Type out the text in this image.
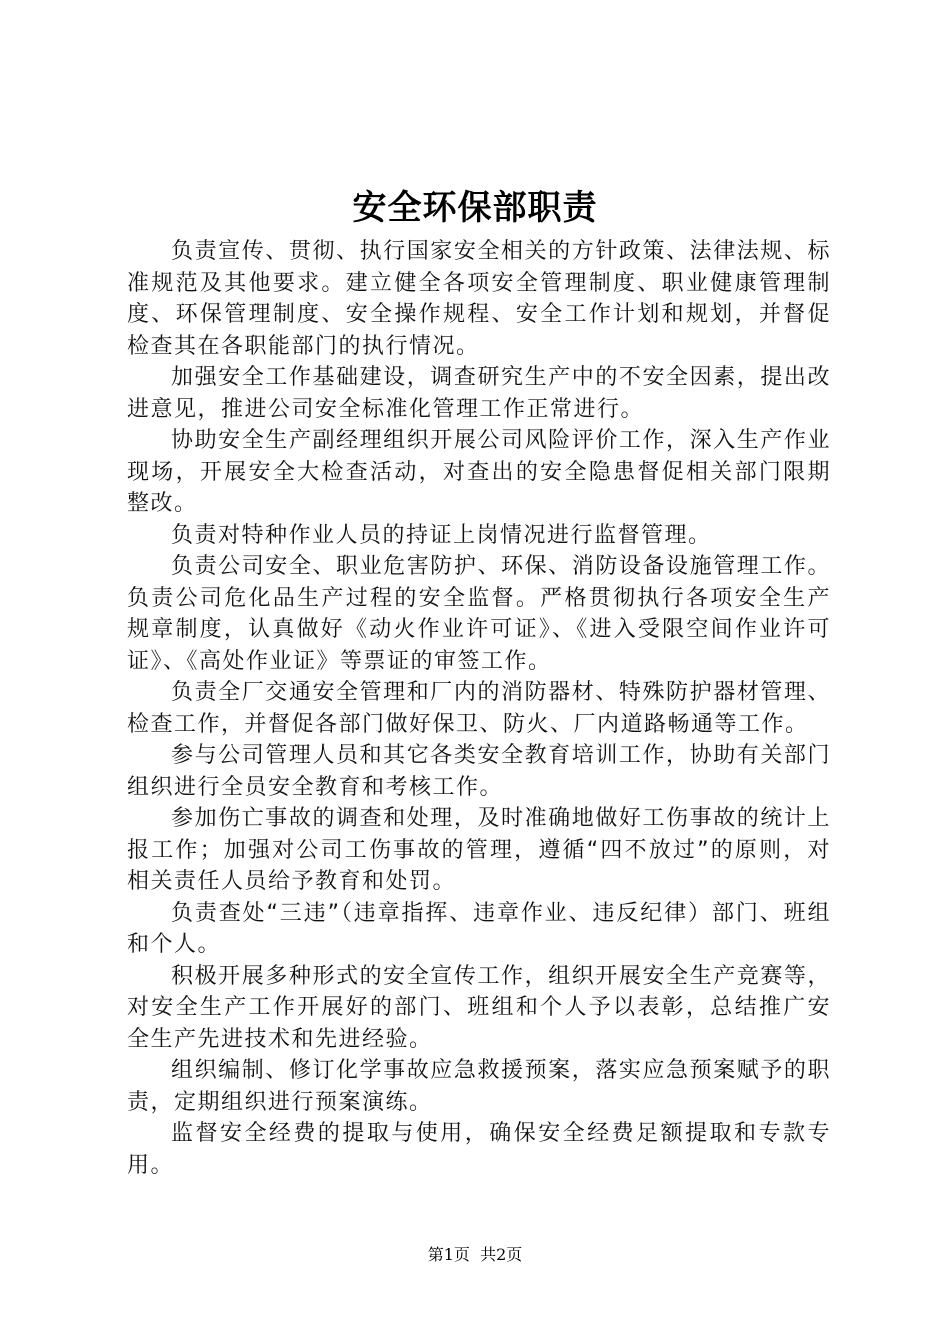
安全环保部职责

负责宣传、贯彻、执行国家安全相关的方针政策、法律法规、标准规范及其他要求。建立健全各项安全管理制度、职业健康管理制度、环保管理制度、安全操作规程、安全工作计划和规划，并督促检查其在各职能部门的执行情况。

加强安全工作基础建设，调查研究生产中的不安全因素，提出改进意见，推进公司安全标准化管理工作正常进行。

协助安全生产副经理组织开展公司风险评价工作，深入生产作业现场，开展安全大检查活动，对查出的安全隐患督促相关部门限期整改。

负责对特种作业人员的持证上岗情况进行监督管理。

负责公司安全、职业危害防护、环保、消防设备设施管理工作。负责公司危化品生产过程的安全监督。严格贯彻执行各项安全生产规章制度，认真做好《动火作业许可证》、《进入受限空间作业许可证》、《高处作业证》等票证的审签工作。

负责全厂交通安全管理和厂内的消防器材、特殊防护器材管理、检查工作，并督促各部门做好保卫、防火、厂内道路畅通等工作。

参与公司管理人员和其它各类安全教育培训工作，协助有关部门组织进行全员安全教育和考核工作。

参加伤亡事故的调查和处理，及时准确地做好工伤事故的统计上报工作；加强对公司工伤事故的管理，遵循“四不放过”的原则，对相关责任人员给予教育和处罚。

负责查处“三违”（违章指挥、违章作业、违反纪律）部门、班组和个人。

积极开展多种形式的安全宣传工作，组织开展安全生产竞赛等，对安全生产工作开展好的部门、班组和个人予以表彰，总结推广安全生产先进技术和先进经验。

组织编制、修订化学事故应急救援预案，落实应急预案赋予的职责，定期组织进行预案演练。

监督安全经费的提取与使用，确保安全经费足额提取和专款专用。

第1页  共2页
